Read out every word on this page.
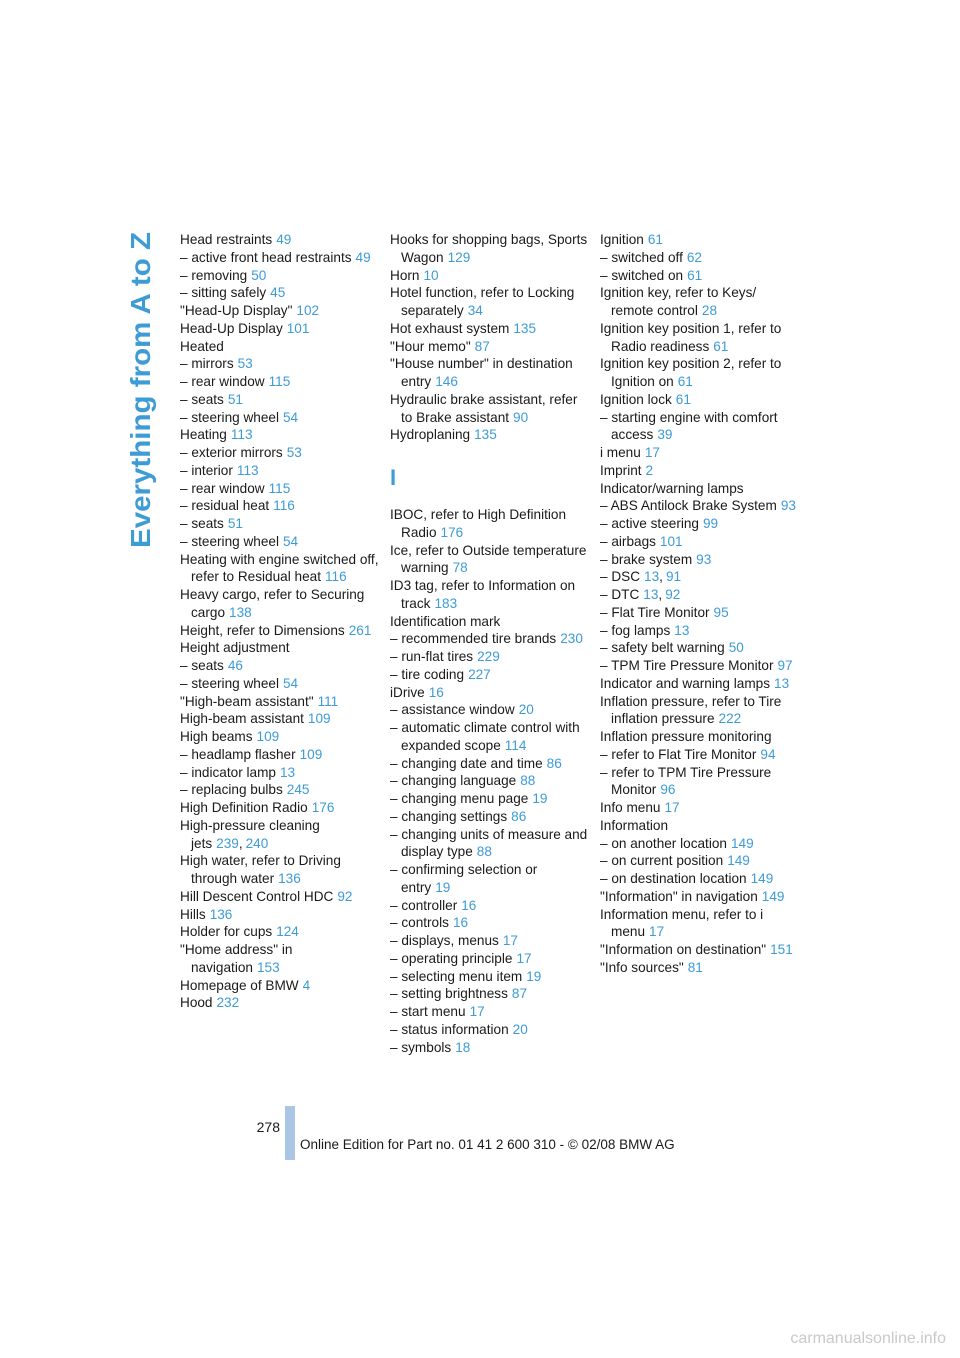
Everything from A to Z
Head restraints 49
– active front head restraints 49
– removing 50
– sitting safely 45
"Head-Up Display" 102
Head-Up Display 101
Heated
– mirrors 53
– rear window 115
– seats 51
– steering wheel 54
Heating 113
– exterior mirrors 53
– interior 113
– rear window 115
– residual heat 116
– seats 51
– steering wheel 54
Heating with engine switched off, refer to Residual heat 116
Heavy cargo, refer to Securing cargo 138
Height, refer to Dimensions 261
Height adjustment
– seats 46
– steering wheel 54
"High-beam assistant" 111
High-beam assistant 109
High beams 109
– headlamp flasher 109
– indicator lamp 13
– replacing bulbs 245
High Definition Radio 176
High-pressure cleaning jets 239, 240
High water, refer to Driving through water 136
Hill Descent Control HDC 92
Hills 136
Holder for cups 124
"Home address" in navigation 153
Homepage of BMW 4
Hood 232
Hooks for shopping bags, Sports Wagon 129
Horn 10
Hotel function, refer to Locking separately 34
Hot exhaust system 135
"Hour memo" 87
"House number" in destination entry 146
Hydraulic brake assistant, refer to Brake assistant 90
Hydroplaning 135
I
IBOC, refer to High Definition Radio 176
Ice, refer to Outside temperature warning 78
ID3 tag, refer to Information on track 183
Identification mark
– recommended tire brands 230
– run-flat tires 229
– tire coding 227
iDrive 16
– assistance window 20
– automatic climate control with expanded scope 114
– changing date and time 86
– changing language 88
– changing menu page 19
– changing settings 86
– changing units of measure and display type 88
– confirming selection or entry 19
– controller 16
– controls 16
– displays, menus 17
– operating principle 17
– selecting menu item 19
– setting brightness 87
– start menu 17
– status information 20
– symbols 18
Ignition 61
– switched off 62
– switched on 61
Ignition key, refer to Keys/ remote control 28
Ignition key position 1, refer to Radio readiness 61
Ignition key position 2, refer to Ignition on 61
Ignition lock 61
– starting engine with comfort access 39
i menu 17
Imprint 2
Indicator/warning lamps
– ABS Antilock Brake System 93
– active steering 99
– airbags 101
– brake system 93
– DSC 13, 91
– DTC 13, 92
– Flat Tire Monitor 95
– fog lamps 13
– safety belt warning 50
– TPM Tire Pressure Monitor 97
Indicator and warning lamps 13
Inflation pressure, refer to Tire inflation pressure 222
Inflation pressure monitoring
– refer to Flat Tire Monitor 94
– refer to TPM Tire Pressure Monitor 96
Info menu 17
Information
– on another location 149
– on current position 149
– on destination location 149
"Information" in navigation 149
Information menu, refer to i menu 17
"Information on destination" 151
"Info sources" 81
278
Online Edition for Part no. 01 41 2 600 310 - © 02/08 BMW AG
carmanualsonline.info
